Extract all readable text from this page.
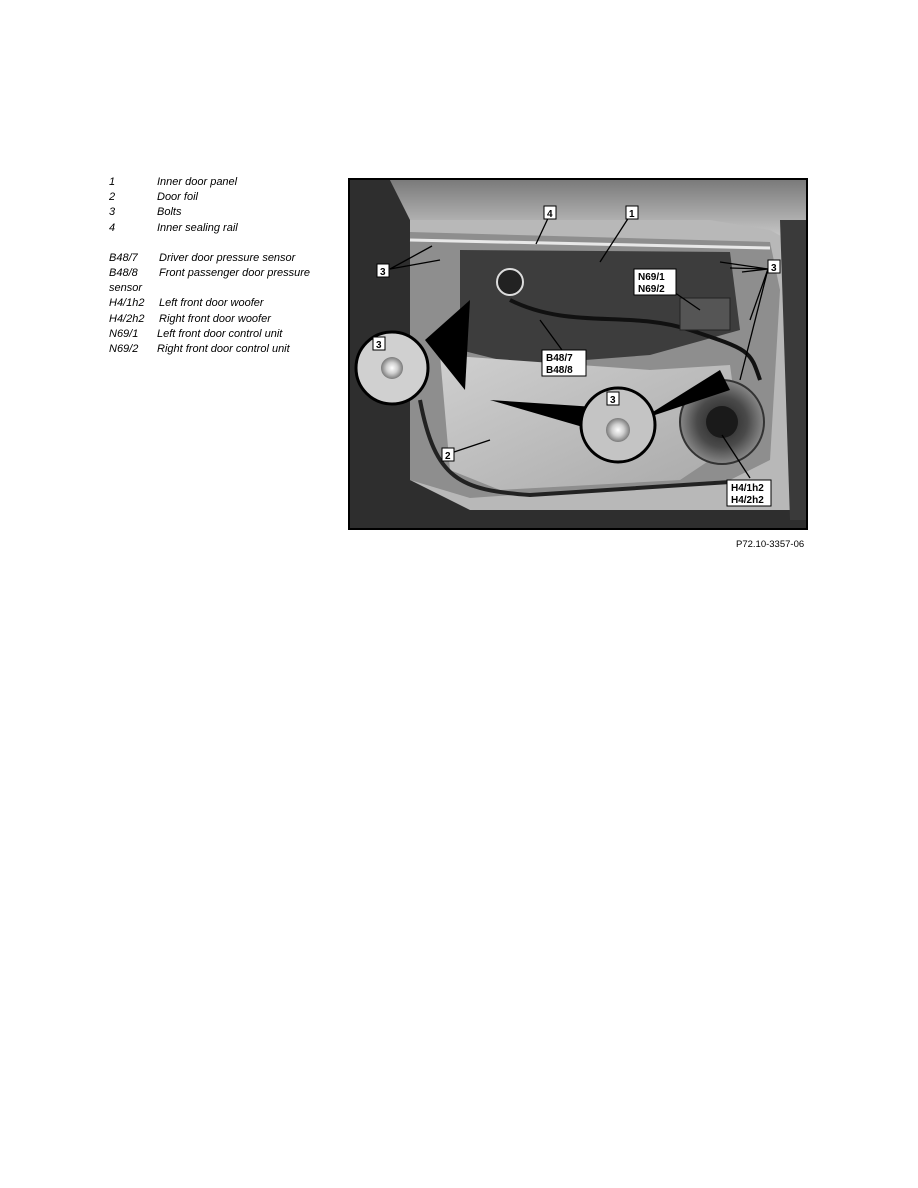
1	Inner door panel
2	Door foil
3	Bolts
4	Inner sealing rail
B48/7	Driver door pressure sensor
B48/8 Front passenger door pressure sensor
H4/1h2	Left front door woofer
H4/2h2	Right front door woofer
N69/1	Left front door control unit
N69/2	Right front door control unit
4	1
3	3
N69/1
N69/2
3
B48/7
B48/8
3
2
H4/1h2
H4/2h2
P72.10-3357-06
